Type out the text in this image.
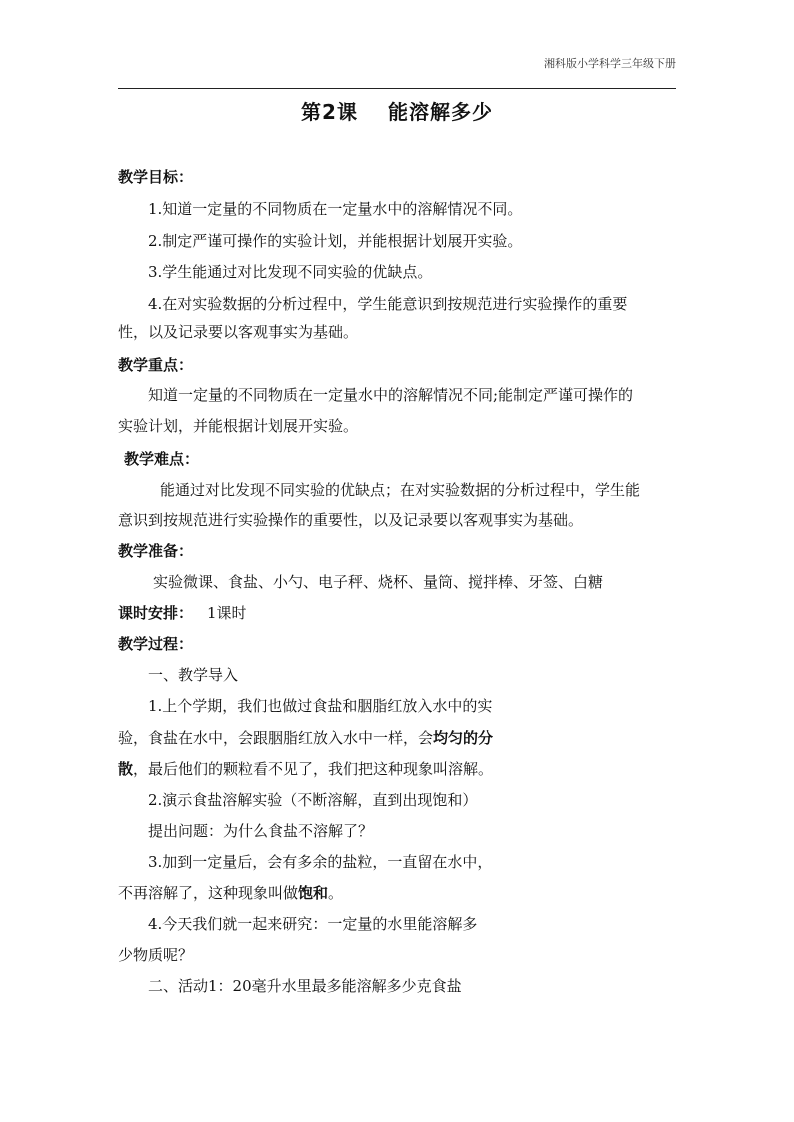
湘科版小学科学三年级下册
第2课 能溶解多少
教学目标：
1.知道一定量的不同物质在一定量水中的溶解情况不同。
2.制定严谨可操作的实验计划，并能根据计划展开实验。
3.学生能通过对比发现不同实验的优缺点。
4.在对实验数据的分析过程中，学生能意识到按规范进行实验操作的重要
性，以及记录要以客观事实为基础。
教学重点：
知道一定量的不同物质在一定量水中的溶解情况不同;能制定严谨可操作的
实验计划，并能根据计划展开实验。
教学难点：
能通过对比发现不同实验的优缺点；在对实验数据的分析过程中，学生能
意识到按规范进行实验操作的重要性，以及记录要以客观事实为基础。
教学准备：
实验微课、食盐、小勺、电子秤、烧杯、量筒、搅拌棒、牙签、白糖
课时安排： 1课时
教学过程：
一、教学导入
1.上个学期，我们也做过食盐和胭脂红放入水中的实
验，食盐在水中，会跟胭脂红放入水中一样，会均匀的分
散，最后他们的颗粒看不见了，我们把这种现象叫溶解。
2.演示食盐溶解实验（不断溶解，直到出现饱和）
提出问题：为什么食盐不溶解了？
3.加到一定量后，会有多余的盐粒，一直留在水中，
不再溶解了，这种现象叫做饱和。
4.今天我们就一起来研究：一定量的水里能溶解多
少物质呢？
二、活动1：20毫升水里最多能溶解多少克食盐
